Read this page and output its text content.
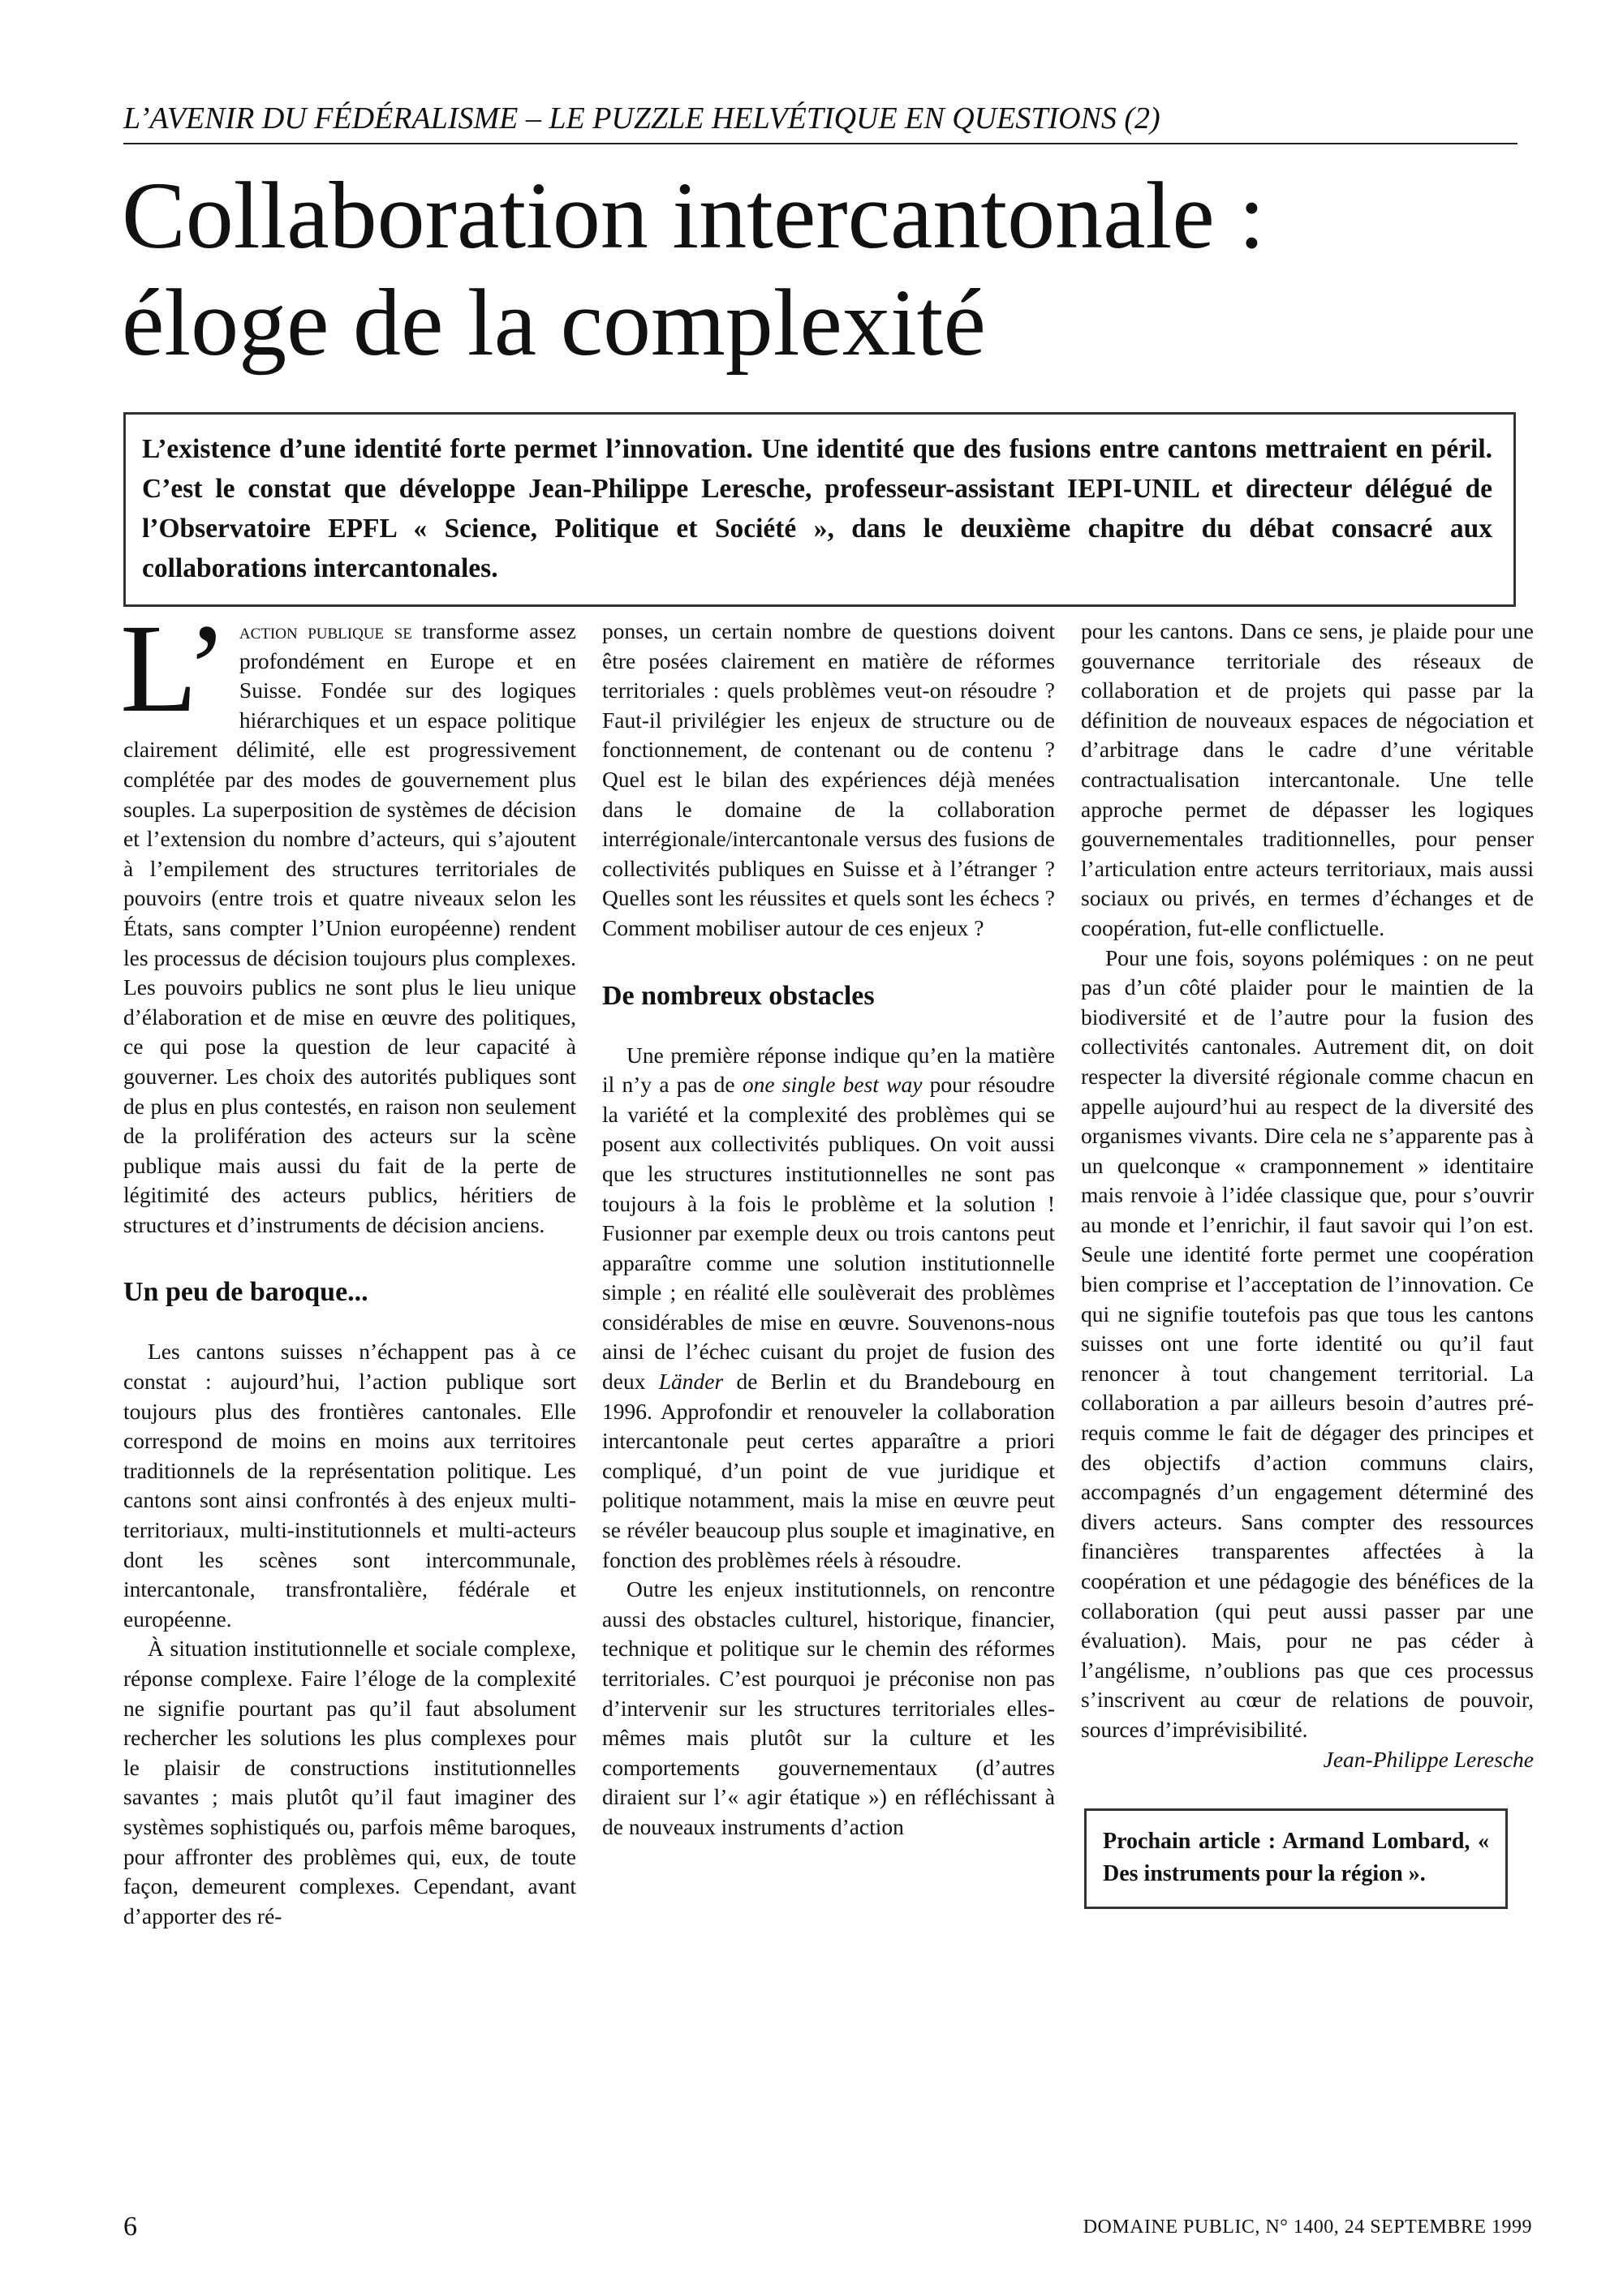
L’AVENIR DU FÉDÉRALISME – LE PUZZLE HELVÉTIQUE EN QUESTIONS (2)
Collaboration intercantonale :
éloge de la complexité
L’existence d’une identité forte permet l’innovation. Une identité que des fusions entre cantons mettraient en péril. C’est le constat que développe Jean-Philippe Leresche, professeur-assistant IEPI-UNIL et directeur délégué de l’Observatoire EPFL « Science, Politique et Société », dans le deuxième chapitre du débat consacré aux collaborations intercantonales.

L’ action publique se transforme assez profondément en Europe et en Suisse. Fondée sur des logiques hiérarchiques et un espace politique clairement délimité, elle est progressivement complétée par des modes de gouvernement plus souples. La superposition de systèmes de décision et l’extension du nombre d’acteurs, qui s’ajoutent à l’empilement des structures territoriales de pouvoirs (entre trois et quatre niveaux selon les États, sans compter l’Union européenne) rendent les processus de décision toujours plus complexes. Les pouvoirs publics ne sont plus le lieu unique d’élaboration et de mise en œuvre des politiques, ce qui pose la question de leur capacité à gouverner. Les choix des autorités publiques sont de plus en plus contestés, en raison non seulement de la prolifération des acteurs sur la scène publique mais aussi du fait de la perte de légitimité des acteurs publics, héritiers de structures et d’instruments de décision anciens.

Un peu de baroque...

Les cantons suisses n’échappent pas à ce constat : aujourd’hui, l’action publique sort toujours plus des frontières cantonales. Elle correspond de moins en moins aux territoires traditionnels de la représentation politique. Les cantons sont ainsi confrontés à des enjeux multi-territoriaux, multi-institutionnels et multi-acteurs dont les scènes sont intercommunale, intercantonale, transfrontalière, fédérale et européenne.

À situation institutionnelle et sociale complexe, réponse complexe. Faire l’éloge de la complexité ne signifie pourtant pas qu’il faut absolument rechercher les solutions les plus complexes pour le plaisir de constructions institutionnelles savantes ; mais plutôt qu’il faut imaginer des systèmes sophistiqués ou, parfois même baroques, pour affronter des problèmes qui, eux, de toute façon, demeurent complexes. Cependant, avant d’apporter des ré-

ponses, un certain nombre de questions doivent être posées clairement en matière de réformes territoriales : quels problèmes veut-on résoudre ? Faut-il privilégier les enjeux de structure ou de fonctionnement, de contenant ou de contenu ? Quel est le bilan des expériences déjà menées dans le domaine de la collaboration interrégionale/intercantonale versus des fusions de collectivités publiques en Suisse et à l’étranger ? Quelles sont les réussites et quels sont les échecs ? Comment mobiliser autour de ces enjeux ?

De nombreux obstacles

Une première réponse indique qu’en la matière il n’y a pas de one single best way pour résoudre la variété et la complexité des problèmes qui se posent aux collectivités publiques. On voit aussi que les structures institutionnelles ne sont pas toujours à la fois le problème et la solution ! Fusionner par exemple deux ou trois cantons peut apparaître comme une solution institutionnelle simple ; en réalité elle soulèverait des problèmes considérables de mise en œuvre. Souvenons-nous ainsi de l’échec cuisant du projet de fusion des deux Länder de Berlin et du Brandebourg en 1996. Approfondir et renouveler la collaboration intercantonale peut certes apparaître a priori compliqué, d’un point de vue juridique et politique notamment, mais la mise en œuvre peut se révéler beaucoup plus souple et imaginative, en fonction des problèmes réels à résoudre.

Outre les enjeux institutionnels, on rencontre aussi des obstacles culturel, historique, financier, technique et politique sur le chemin des réformes territoriales. C’est pourquoi je préconise non pas d’intervenir sur les structures territoriales elles-mêmes mais plutôt sur la culture et les comportements gouvernementaux (d’autres diraient sur l’« agir étatique ») en réfléchissant à de nouveaux instruments d’action

pour les cantons. Dans ce sens, je plaide pour une gouvernance territoriale des réseaux de collaboration et de projets qui passe par la définition de nouveaux espaces de négociation et d’arbitrage dans le cadre d’une véritable contractualisation intercantonale. Une telle approche permet de dépasser les logiques gouvernementales traditionnelles, pour penser l’articulation entre acteurs territoriaux, mais aussi sociaux ou privés, en termes d’échanges et de coopération, fut-elle conflictuelle.

Pour une fois, soyons polémiques : on ne peut pas d’un côté plaider pour le maintien de la biodiversité et de l’autre pour la fusion des collectivités cantonales. Autrement dit, on doit respecter la diversité régionale comme chacun en appelle aujourd’hui au respect de la diversité des organismes vivants. Dire cela ne s’apparente pas à un quelconque « cramponnement » identitaire mais renvoie à l’idée classique que, pour s’ouvrir au monde et l’enrichir, il faut savoir qui l’on est. Seule une identité forte permet une coopération bien comprise et l’acceptation de l’innovation. Ce qui ne signifie toutefois pas que tous les cantons suisses ont une forte identité ou qu’il faut renoncer à tout changement territorial. La collaboration a par ailleurs besoin d’autres pré-requis comme le fait de dégager des principes et des objectifs d’action communs clairs, accompagnés d’un engagement déterminé des divers acteurs. Sans compter des ressources financières transparentes affectées à la coopération et une pédagogie des bénéfices de la collaboration (qui peut aussi passer par une évaluation). Mais, pour ne pas céder à l’angélisme, n’oublions pas que ces processus s’inscrivent au cœur de relations de pouvoir, sources d’imprévisibilité.

Jean-Philippe Leresche

Prochain article : Armand Lombard, « Des instruments pour la région ».
6	DOMAINE PUBLIC, N° 1400, 24 SEPTEMBRE 1999
